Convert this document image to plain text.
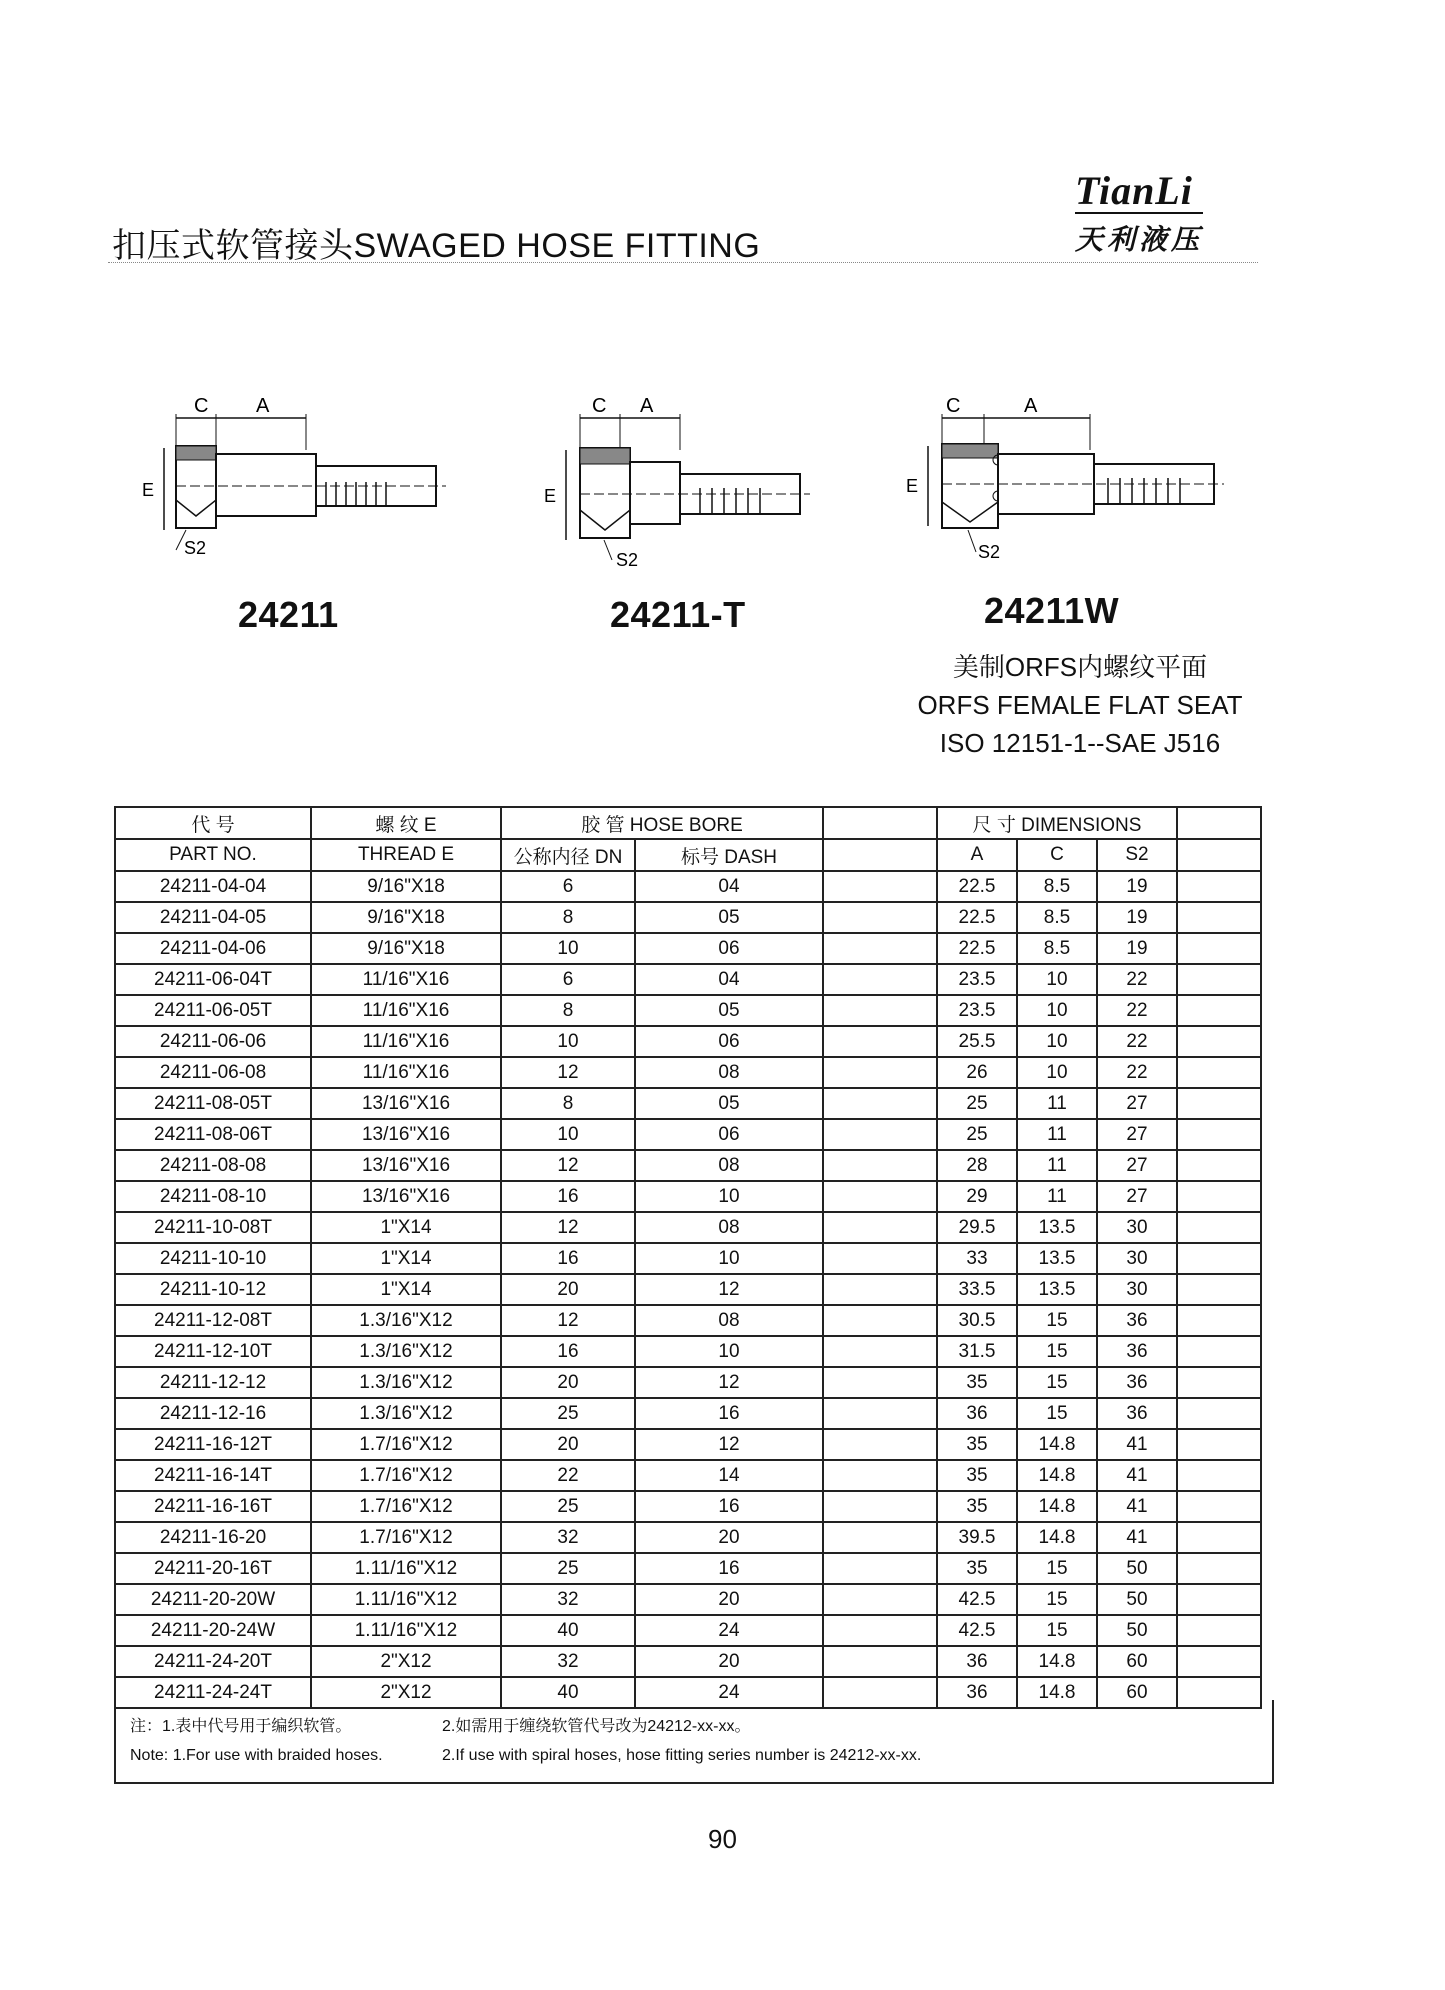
扣压式软管接头SWAGED HOSE FITTING
TianLi
天利液压
C A
E
S2
24211
C A
E
S2
24211-T
C	A
E
S2
24211W
美制ORFS内螺纹平面
ORFS FEMALE FLAT SEAT
ISO 12151-1--SAE J516
代 号	螺 纹 E	胶 管 HOSE BORE			尺 寸 DIMENSIONS			
PART NO.	THREAD E	公称内径 DN	标号 DASH		A	C	S2	
24211-04-04	9/16"X18	6	04		22.5	8.5	19	
24211-04-05	9/16"X18	8	05		22.5	8.5	19	
24211-04-06	9/16"X18	10	06		22.5	8.5	19	
24211-06-04T	11/16"X16	6	04		23.5	10	22	
24211-06-05T	11/16"X16	8	05		23.5	10	22	
24211-06-06	11/16"X16	10	06		25.5	10	22	
24211-06-08	11/16"X16	12	08		26	10	22	
24211-08-05T	13/16"X16	8	05		25	11	27	
24211-08-06T	13/16"X16	10	06		25	11	27	
24211-08-08	13/16"X16	12	08		28	11	27	
24211-08-10	13/16"X16	16	10		29	11	27	
24211-10-08T	1"X14	12	08		29.5	13.5	30	
24211-10-10	1"X14	16	10		33	13.5	30	
24211-10-12	1"X14	20	12		33.5	13.5	30	
24211-12-08T	1.3/16"X12	12	08		30.5	15	36	
24211-12-10T	1.3/16"X12	16	10		31.5	15	36	
24211-12-12	1.3/16"X12	20	12		35	15	36	
24211-12-16	1.3/16"X12	25	16		36	15	36	
24211-16-12T	1.7/16"X12	20	12		35	14.8	41	
24211-16-14T	1.7/16"X12	22	14		35	14.8	41	
24211-16-16T	1.7/16"X12	25	16		35	14.8	41	
24211-16-20	1.7/16"X12	32	20		39.5	14.8	41	
24211-20-16T	1.11/16"X12	25	16		35	15	50	
24211-20-20W	1.11/16"X12	32	20		42.5	15	50	
24211-20-24W	1.11/16"X12	40	24		42.5	15	50	
24211-24-20T	2"X12	32	20		36	14.8	60	
24211-24-24T	2"X12	40	24		36	14.8	60	
注：1.表中代号用于编织软管。	2.如需用于缠绕软管代号改为24212-xx-xx。
Note: 1.For use with braided hoses.	2.If use with spiral hoses, hose fitting series number is 24212-xx-xx.
90
